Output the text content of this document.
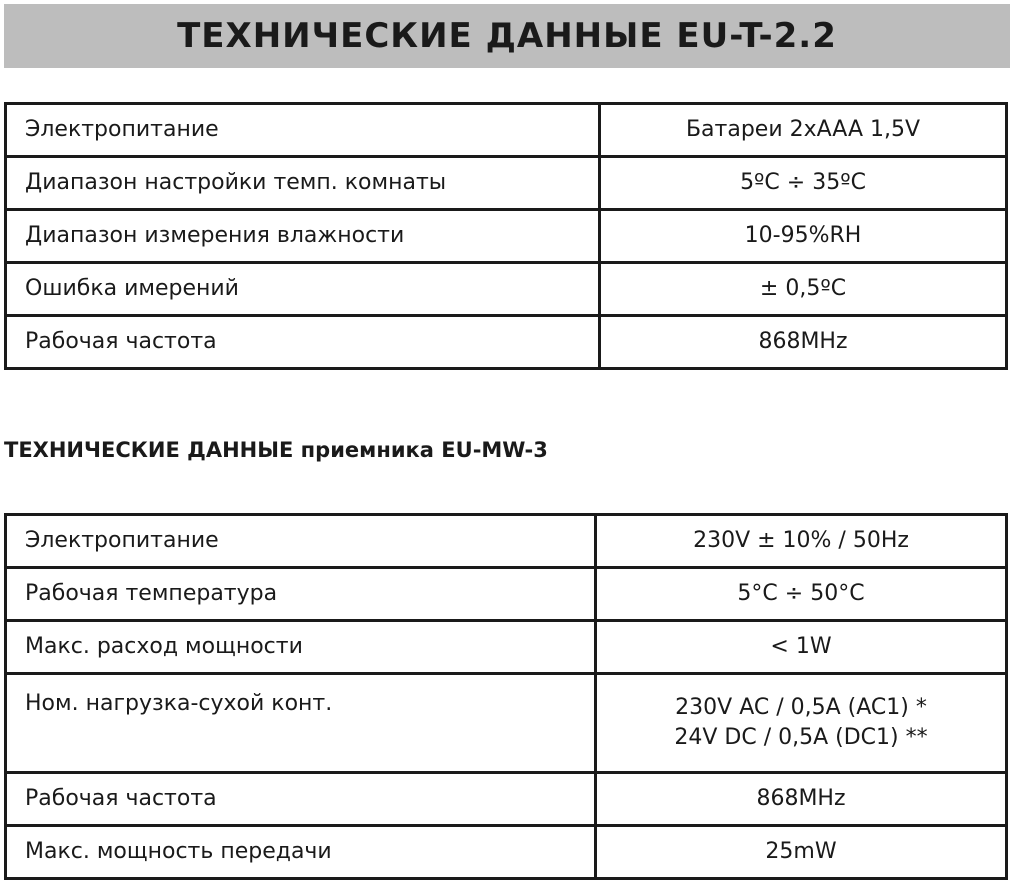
ТЕХНИЧЕСКИЕ ДАННЫЕ EU-T-2.2
Электропитание	Батареи 2хAAA 1,5V
Диапазон настройки темп. комнаты	5ºC ÷ 35ºC
Диапазон измерения влажности	10-95%RH
Ошибка имерений	± 0,5ºC
Рабочая частота	868MHz
ТЕХНИЧЕСКИЕ ДАННЫЕ приемника EU-MW-3
Электропитание	230V ± 10% / 50Hz
Рабочая температура	5°C ÷ 50°C
Макс. расход мощности	< 1W
Ном. нагрузка-сухой конт.	230V AC / 0,5A (AC1) *
24V DC / 0,5A (DC1) **

Рабочая частота	868MHz
Макс. мощность передачи	25mW
